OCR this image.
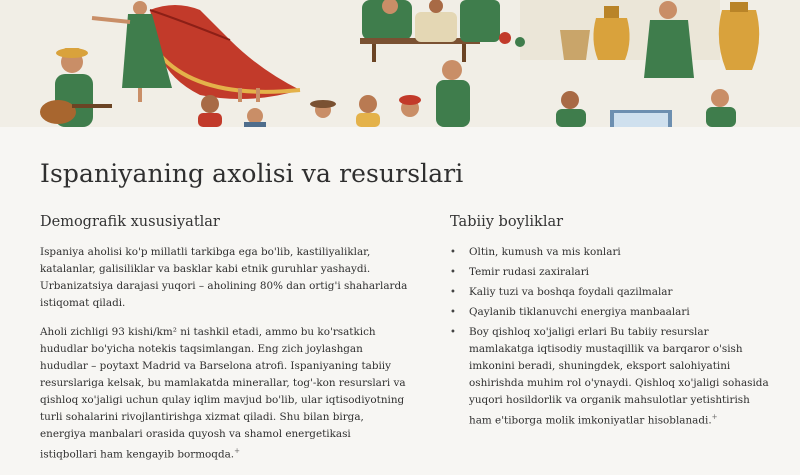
Ispaniyaning axolisi va resurslari
Demografik xususiyatlar

Ispaniya aholisi ko'p millatli tarkibga ega bo'lib, kastiliyaliklar, katalanlar, galisiliklar va basklar kabi etnik guruhlar yashaydi. Urbanizatsiya darajasi yuqori – aholining 80% dan ortig'i shaharlarda istiqomat qiladi.

Aholi zichligi 93 kishi/km² ni tashkil etadi, ammo bu ko'rsatkich hududlar bo'yicha notekis taqsimlangan. Eng zich joylashgan hududlar – poytaxt Madrid va Barselona atrofi. Ispaniyaning tabiiy resurslariga kelsak, bu mamlakatda minerallar, tog'-kon resurslari va qishloq xo'jaligi uchun qulay iqlim mavjud bo'lib, ular iqtisodiyotning turli sohalarini rivojlantirishga xizmat qiladi. Shu bilan birga, energiya manbalari orasida quyosh va shamol energetikasi istiqbollari ham kengayib bormoqda.+

Tabiiy boyliklar
• Oltin, kumush va mis konlari
• Temir rudasi zaxiralari
• Kaliy tuzi va boshqa foydali qazilmalar
• Qaylanib tiklanuvchi energiya manbaalari
• Boy qishloq xo'jaligi erlari Bu tabiiy resurslar mamlakatga iqtisodiy mustaqillik va barqaror o'sish imkonini beradi, shuningdek, eksport salohiyatini oshirishda muhim rol o'ynaydi. Qishloq xo'jaligi sohasida yuqori hosildorlik va organik mahsulotlar yetishtirish ham e'tiborga molik imkoniyatlar hisoblanadi.+
